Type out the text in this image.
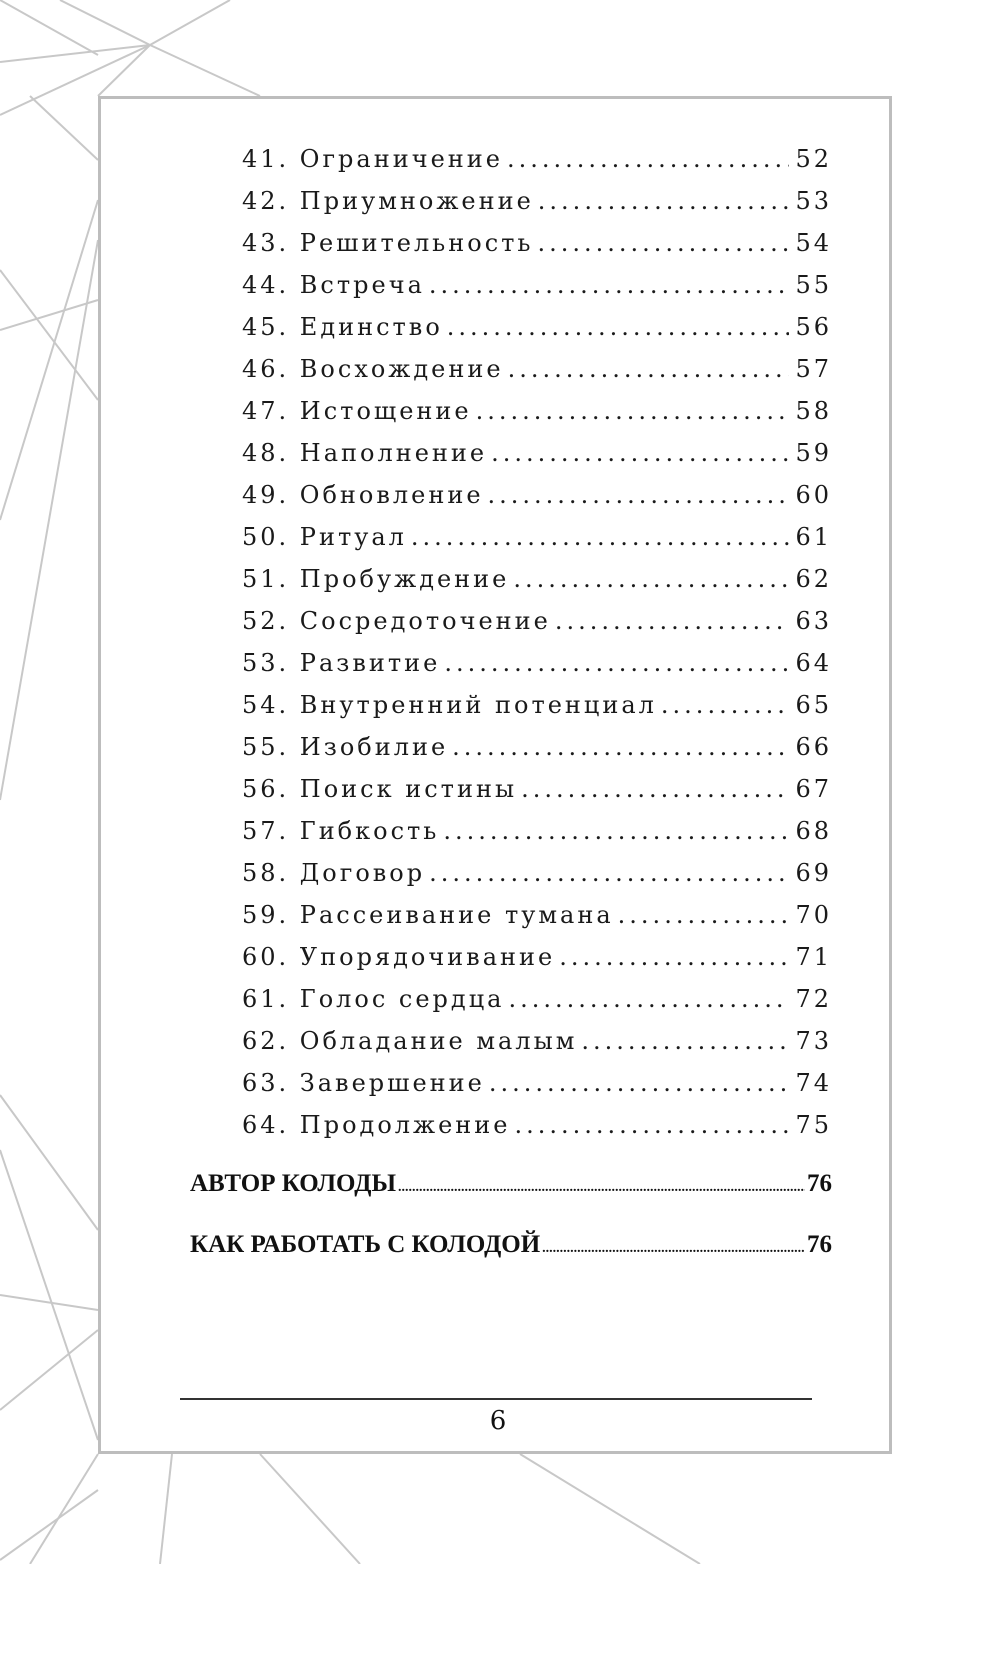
41. Ограничение .....	52
42. Приумножение .....	53
43. Решительность .....	54
44. Встреча .....	55
45. Единство .....	56
46. Восхождение .....	57
47. Истощение .....	58
48. Наполнение .....	59
49. Обновление .....	60
50. Ритуал .....	61
51. Пробуждение .....	62
52. Сосредоточение .....	63
53. Развитие .....	64
54. Внутренний потенциал .....	65
55. Изобилие .....	66
56. Поиск истины .....	67
57. Гибкость .....	68
58. Договор .....	69
59. Рассеивание тумана .....	70
60. Упорядочивание .....	71
61. Голос сердца .....	72
62. Обладание малым .....	73
63. Завершение .....	74
64. Продолжение .....	75
АВТОР КОЛОДЫ .....	76
КАК РАБОТАТЬ С КОЛОДОЙ .....	76
6
